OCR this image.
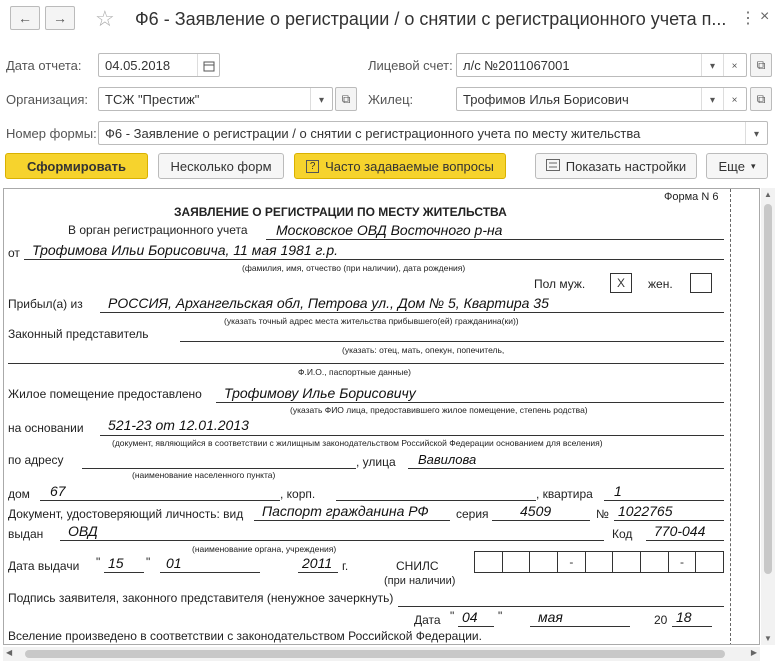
← → ☆ Ф6 - Заявление о регистрации / о снятии с регистрационного учета п... ⋮ ×
Дата отчета:	04.05.2018	Лицевой счет: л/с №2011067001	▾	×	⧉
Организация:	ТСЖ "Престиж"	▾	⧉ Жилец:	Трофимов Илья Борисович	▾	×	⧉
Номер формы: Ф6 - Заявление о регистрации / о снятии с регистрационного учета по месту жительства	▾
Сформировать	Несколько форм	? Часто задаваемые вопросы	Показать настройки Еще ▾
Форма N 6
ЗАЯВЛЕНИЕ О РЕГИСТРАЦИИ ПО МЕСТУ ЖИТЕЛЬСТВА
В орган регистрационного учета Московское ОВД Восточного р-на
от Трофимова Ильи Борисовича, 11 мая 1981 г.р.
(фамилия, имя, отчество (при наличии), дата рождения)
Пол муж.	Х	жен.
Прибыл(а) из РОССИЯ, Архангельская обл, Петрова ул., Дом № 5, Квартира 35
(указать точный адрес места жительства прибывшего(ей) гражданина(ки))
Законный представитель
(указать: отец, мать, опекун, попечитель,
Ф.И.О., паспортные данные)
Жилое помещение предоставлено Трофимову Илье Борисовичу
(указать ФИО лица, предоставившего жилое помещение, степень родства)
на основании 521-23 от 12.01.2013
(документ, являющийся в соответствии с жилищным законодательством Российской Федерации основанием для вселения)
по адресу	, улица Вавилова
(наименование населенного пункта)
дом 67	, корп.	, квартира 1
Документ, удостоверяющий личность: вид Паспорт гражданина РФ серия 4509	№ 1022765
выдан ОВД	Код 770-044
(наименование органа, учреждения)
Дата выдачи " 15 " 01	2011 г.	СНИЛС
(при наличии)
-	-
Подпись заявителя, законного представителя (ненужное зачеркнуть)
Дата " 04 "	мая	20 18
Вселение произведено в соответствии с законодательством Российской Федерации.
▲
▼
◀	▶
